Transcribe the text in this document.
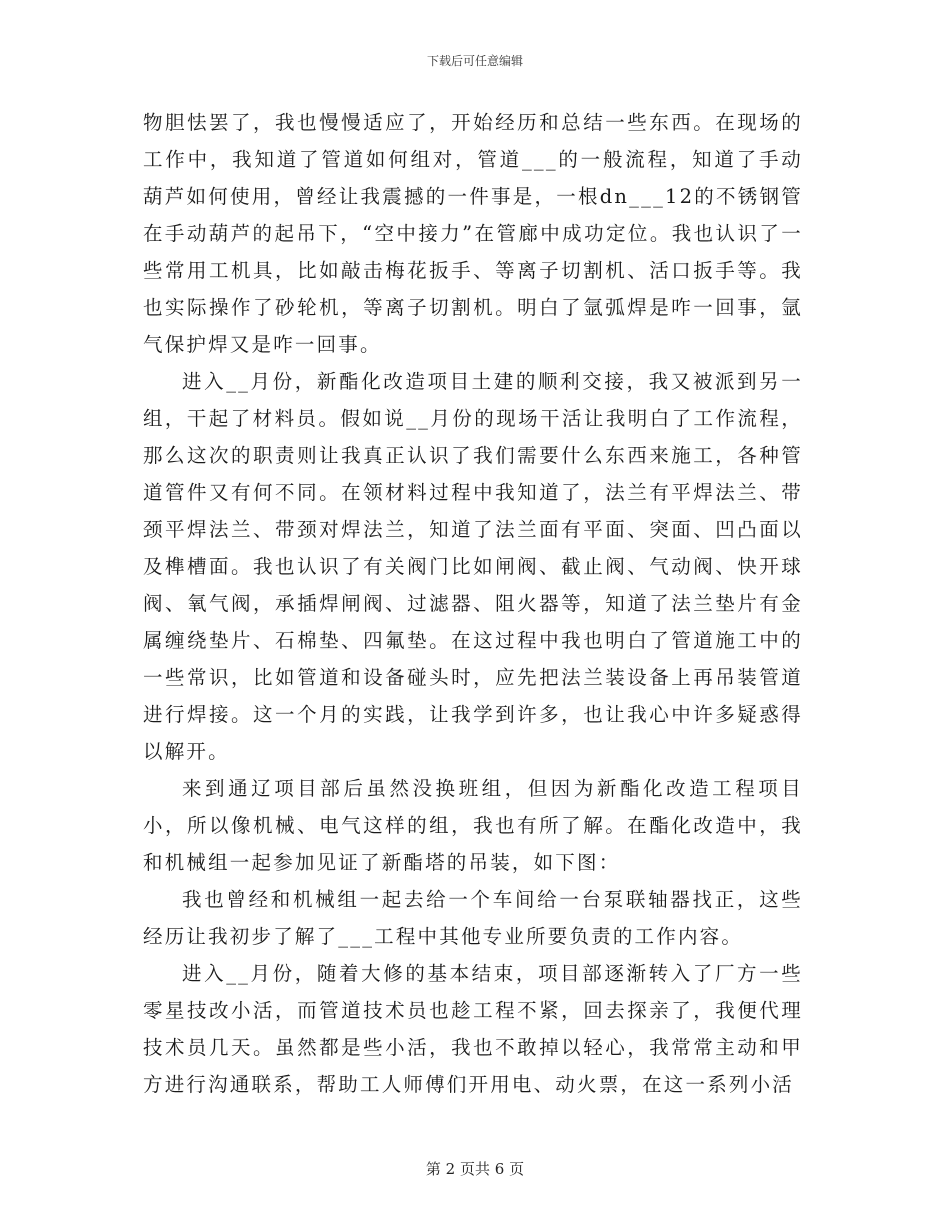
下载后可任意编辑

物胆怯罢了，我也慢慢适应了，开始经历和总结一些东西。在现场的工作中，我知道了管道如何组对，管道___的一般流程，知道了手动葫芦如何使用，曾经让我震撼的一件事是，一根dn___12的不锈钢管在手动葫芦的起吊下，“空中接力”在管廊中成功定位。我也认识了一些常用工机具，比如敲击梅花扳手、等离子切割机、活口扳手等。我也实际操作了砂轮机，等离子切割机。明白了氩弧焊是咋一回事，氩气保护焊又是咋一回事。

进入__月份，新酯化改造项目土建的顺利交接，我又被派到另一组，干起了材料员。假如说__月份的现场干活让我明白了工作流程，那么这次的职责则让我真正认识了我们需要什么东西来施工，各种管道管件又有何不同。在领材料过程中我知道了，法兰有平焊法兰、带颈平焊法兰、带颈对焊法兰，知道了法兰面有平面、突面、凹凸面以及榫槽面。我也认识了有关阀门比如闸阀、截止阀、气动阀、快开球阀、氧气阀，承插焊闸阀、过滤器、阻火器等，知道了法兰垫片有金属缠绕垫片、石棉垫、四氟垫。在这过程中我也明白了管道施工中的一些常识，比如管道和设备碰头时，应先把法兰装设备上再吊装管道进行焊接。这一个月的实践，让我学到许多，也让我心中许多疑惑得以解开。

来到通辽项目部后虽然没换班组，但因为新酯化改造工程项目小，所以像机械、电气这样的组，我也有所了解。在酯化改造中，我和机械组一起参加见证了新酯塔的吊装，如下图：

我也曾经和机械组一起去给一个车间给一台泵联轴器找正，这些经历让我初步了解了___工程中其他专业所要负责的工作内容。

进入__月份，随着大修的基本结束，项目部逐渐转入了厂方一些零星技改小活，而管道技术员也趁工程不紧，回去探亲了，我便代理技术员几天。虽然都是些小活，我也不敢掉以轻心，我常常主动和甲方进行沟通联系，帮助工人师傅们开用电、动火票，在这一系列小活

第 2 页共 6 页
